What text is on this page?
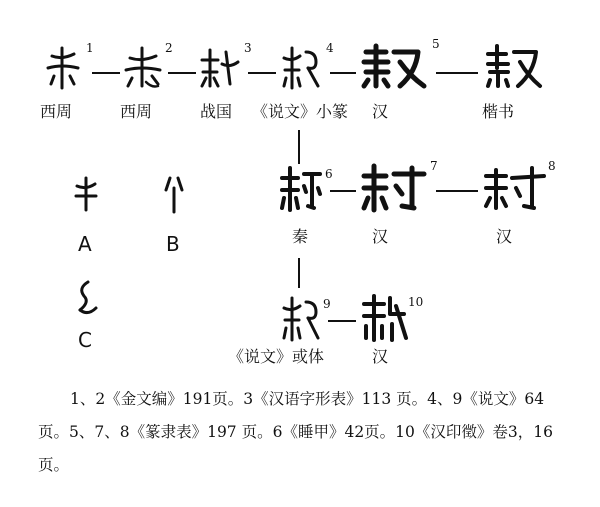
1	2	3	4	5
西周	西周	战国 《说文》小篆 汉	楷书
A	B
C
6
7	8
秦	汉	汉
9	10
《说文》或体	汉
1、2《金文编》191页。3《汉语字形表》113 页。4、9《说文》64页。5、7、8《篆隶表》197 页。6《睡甲》42页。10《汉印徵》卷3，16页。
